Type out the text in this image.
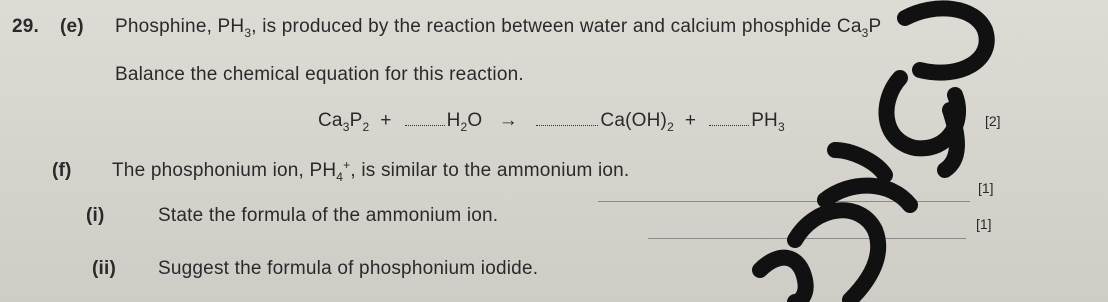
29. (e) Phosphine, $PH_3$, is produced by the reaction between water and calcium phosphide $Ca_3P$
Balance the chemical equation for this reaction.
$Ca_3P_2$ +	$H_2O$ →	$Ca(OH)_2$ +	$PH_3$	[2]
(f) The phosphonium ion, $PH_4^+$, is similar to the ammonium ion.
(i)	State the formula of the ammonium ion.
[1]
(ii) Suggest the formula of phosphonium iodide.
[1]
